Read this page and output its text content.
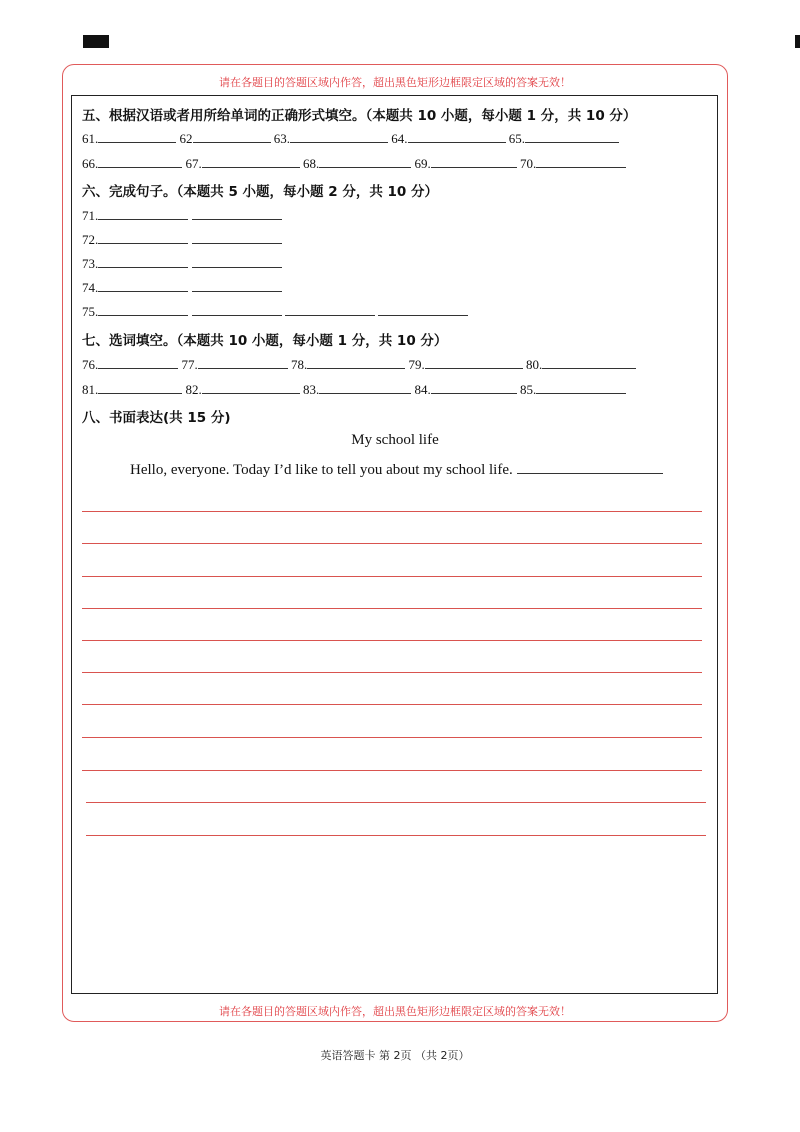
请在各题目的答题区域内作答，超出黑色矩形边框限定区域的答案无效！
五、根据汉语或者用所给单词的正确形式填空。（本题共 10 小题，每小题 1 分，共 10 分）
61.	62	63.	64.	65.
66.	67.	68.	69.	70.
六、完成句子。（本题共 5 小题，每小题 2 分，共 10 分）
71.
72.
73.
74.
75.
七、选词填空。（本题共 10 小题，每小题 1 分，共 10 分）
76.	77.	78.	79.	80.
81.	82.	83.	84.	85.
八、书面表达(共 15 分)
My school life
Hello, everyone. Today I’d like to tell you about my school life.
请在各题目的答题区域内作答，超出黑色矩形边框限定区域的答案无效！
英语答题卡 第 2页 （共 2页）
